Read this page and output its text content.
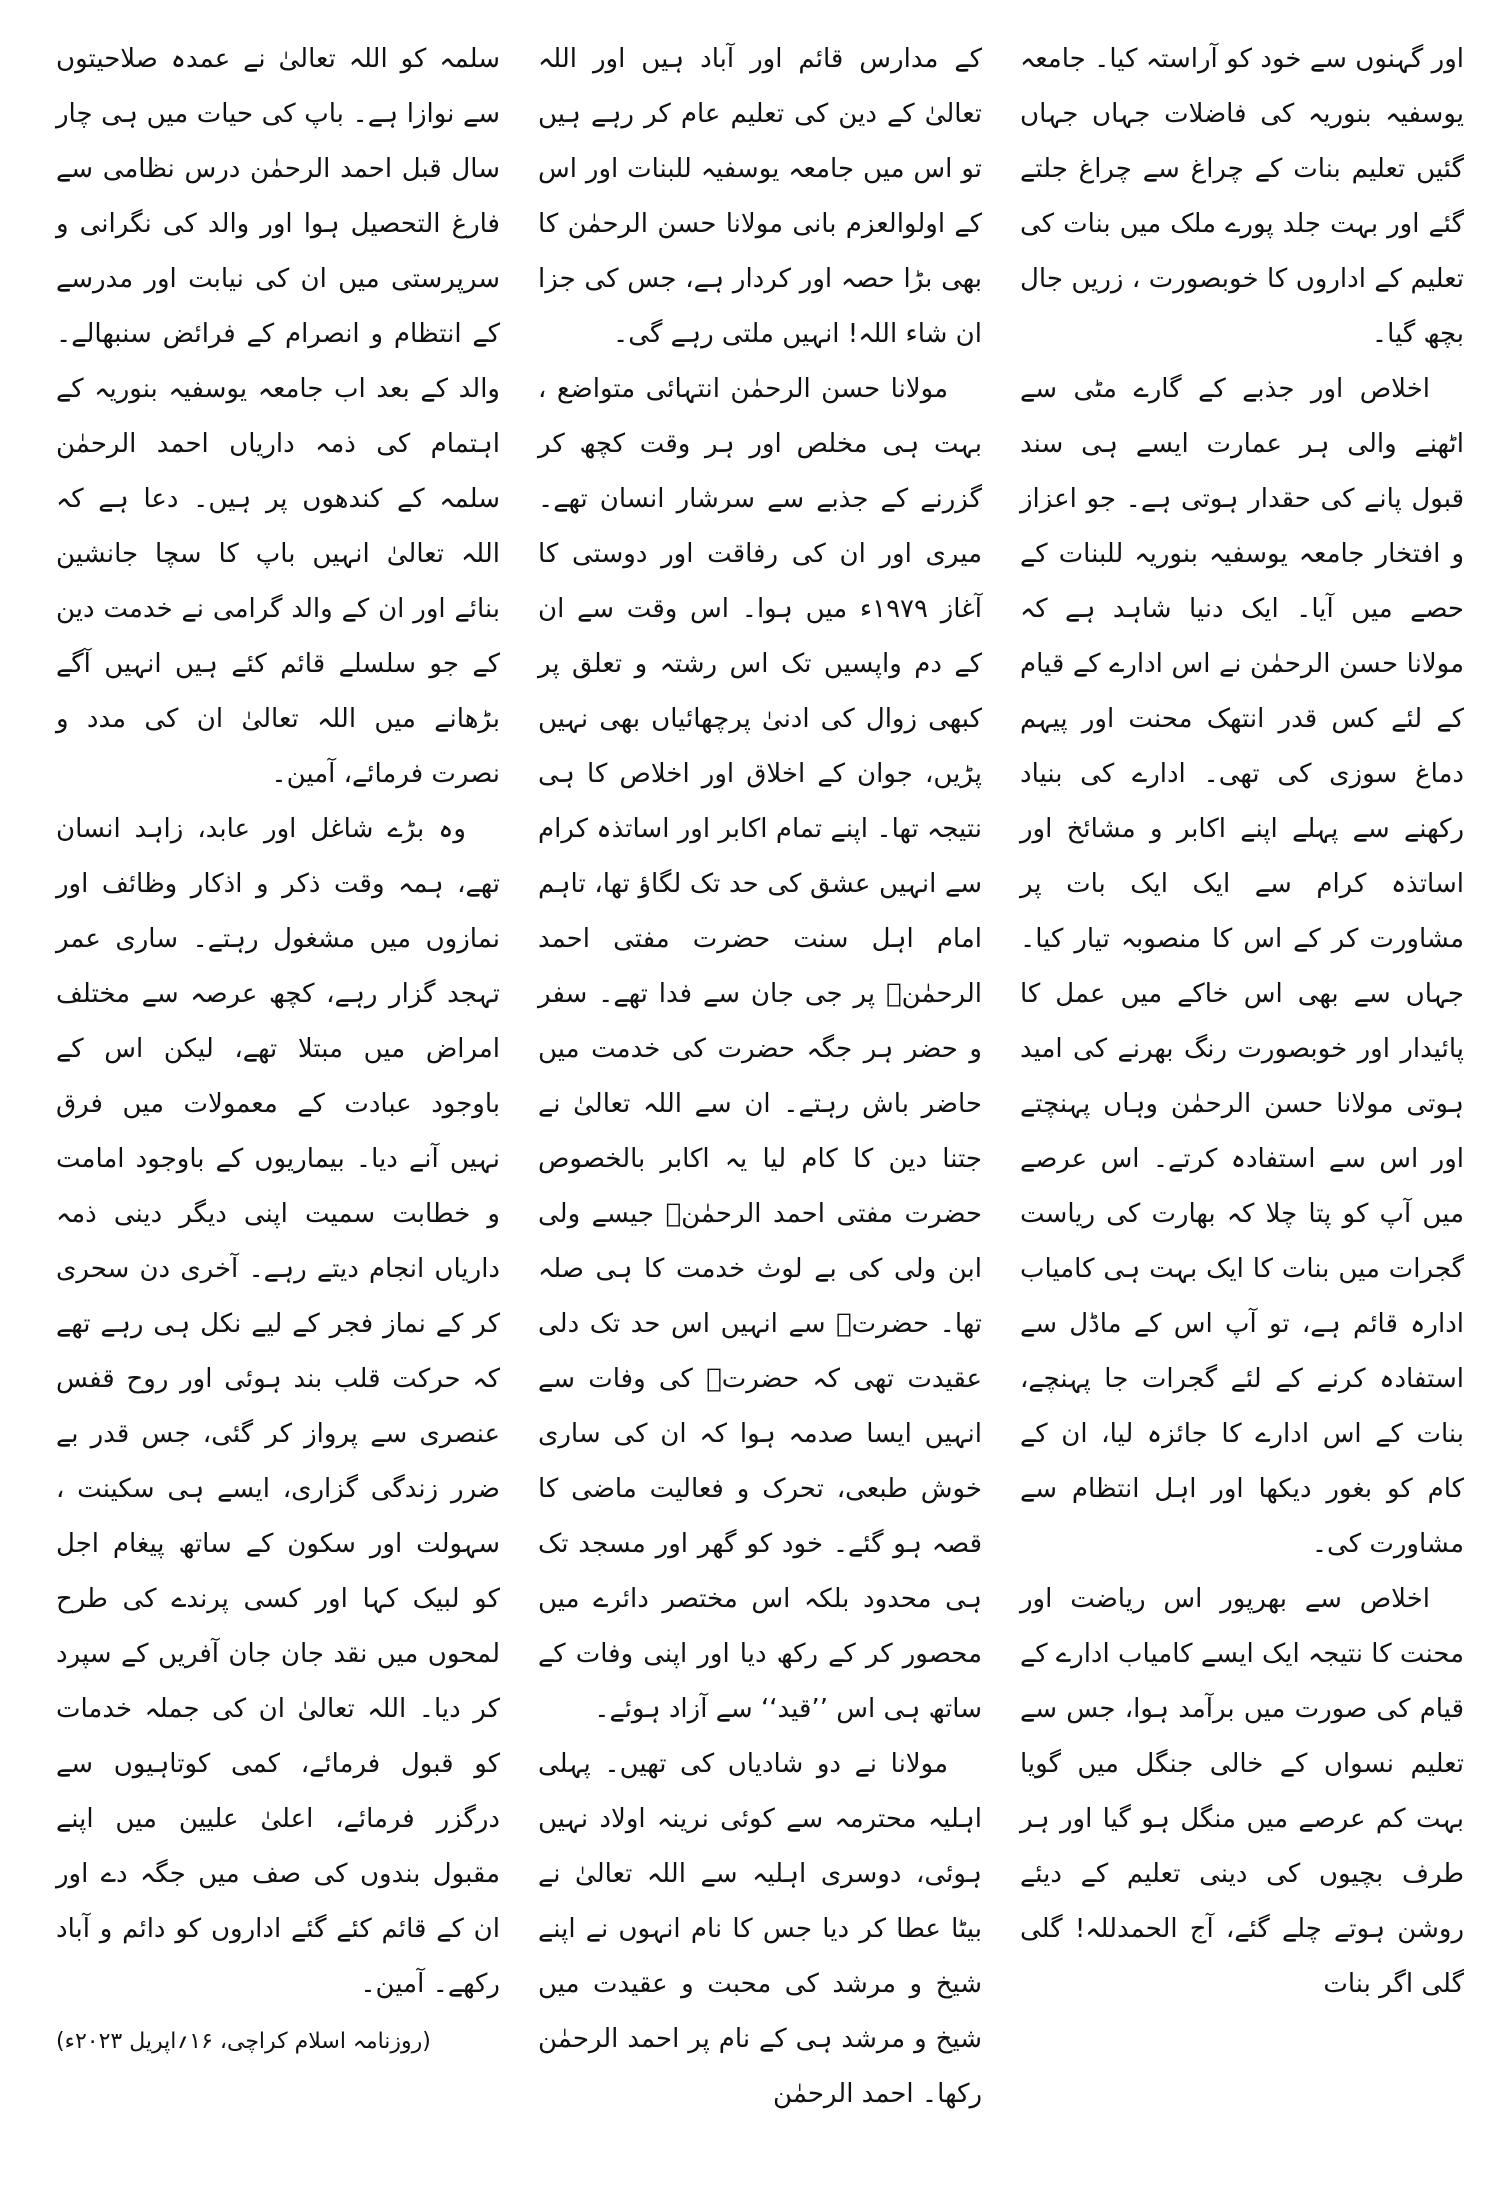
اور گہنوں سے خود کو آراستہ کیا۔ جامعہ یوسفیہ بنوریہ کی فاضلات جہاں جہاں گئیں تعلیم بنات کے چراغ سے چراغ جلتے گئے اور بہت جلد پورے ملک میں بنات کی تعلیم کے اداروں کا خوبصورت ، زریں جال بچھ گیا۔

اخلاص اور جذبے کے گارے مٹی سے اٹھنے والی ہر عمارت ایسے ہی سند قبول پانے کی حقدار ہوتی ہے۔ جو اعزاز و افتخار جامعہ یوسفیہ بنوریہ للبنات کے حصے میں آیا۔ ایک دنیا شاہد ہے کہ مولانا حسن الرحمٰن نے اس ادارے کے قیام کے لئے کس قدر انتھک محنت اور پیہم دماغ سوزی کی تھی۔ ادارے کی بنیاد رکھنے سے پہلے اپنے اکابر و مشائخ اور اساتذہ کرام سے ایک ایک بات پر مشاورت کر کے اس کا منصوبہ تیار کیا۔ جہاں سے بھی اس خاکے میں عمل کا پائیدار اور خوبصورت رنگ بھرنے کی امید ہوتی مولانا حسن الرحمٰن وہاں پہنچتے اور اس سے استفادہ کرتے۔ اس عرصے میں آپ کو پتا چلا کہ بھارت کی ریاست گجرات میں بنات کا ایک بہت ہی کامیاب ادارہ قائم ہے، تو آپ اس کے ماڈل سے استفادہ کرنے کے لئے گجرات جا پہنچے، بنات کے اس ادارے کا جائزہ لیا، ان کے کام کو بغور دیکھا اور اہل انتظام سے مشاورت کی۔

اخلاص سے بھرپور اس ریاضت اور محنت کا نتیجہ ایک ایسے کامیاب ادارے کے قیام کی صورت میں برآمد ہوا، جس سے تعلیم نسواں کے خالی جنگل میں گویا بہت کم عرصے میں منگل ہو گیا اور ہر طرف بچیوں کی دینی تعلیم کے دیئے روشن ہوتے چلے گئے، آج الحمدللہ! گلی گلی اگر بنات

کے مدارس قائم اور آباد ہیں اور اللہ تعالیٰ کے دین کی تعلیم عام کر رہے ہیں تو اس میں جامعہ یوسفیہ للبنات اور اس کے اولوالعزم بانی مولانا حسن الرحمٰن کا بھی بڑا حصہ اور کردار ہے، جس کی جزا ان شاء اللہ! انہیں ملتی رہے گی۔

مولانا حسن الرحمٰن انتہائی متواضع ، بہت ہی مخلص اور ہر وقت کچھ کر گزرنے کے جذبے سے سرشار انسان تھے۔ میری اور ان کی رفاقت اور دوستی کا آغاز ۱۹۷۹ء میں ہوا۔ اس وقت سے ان کے دم واپسیں تک اس رشتہ و تعلق پر کبھی زوال کی ادنیٰ پرچھائیاں بھی نہیں پڑیں، جوان کے اخلاق اور اخلاص کا ہی نتیجہ تھا۔ اپنے تمام اکابر اور اساتذہ کرام سے انہیں عشق کی حد تک لگاؤ تھا، تاہم امام اہل سنت حضرت مفتی احمد الرحمٰنؒ پر جی جان سے فدا تھے۔ سفر و حضر ہر جگہ حضرت کی خدمت میں حاضر باش رہتے۔ ان سے اللہ تعالیٰ نے جتنا دین کا کام لیا یہ اکابر بالخصوص حضرت مفتی احمد الرحمٰنؒ جیسے ولی ابن ولی کی بے لوث خدمت کا ہی صلہ تھا۔ حضرتؒ سے انہیں اس حد تک دلی عقیدت تھی کہ حضرتؒ کی وفات سے انہیں ایسا صدمہ ہوا کہ ان کی ساری خوش طبعی، تحرک و فعالیت ماضی کا قصہ ہو گئے۔ خود کو گھر اور مسجد تک ہی محدود بلکہ اس مختصر دائرے میں محصور کر کے رکھ دیا اور اپنی وفات کے ساتھ ہی اس ’’قید‘‘ سے آزاد ہوئے۔

مولانا نے دو شادیاں کی تھیں۔ پہلی اہلیہ محترمہ سے کوئی نرینہ اولاد نہیں ہوئی، دوسری اہلیہ سے اللہ تعالیٰ نے بیٹا عطا کر دیا جس کا نام انہوں نے اپنے شیخ و مرشد کی محبت و عقیدت میں شیخ و مرشد ہی کے نام پر احمد الرحمٰن رکھا۔ احمد الرحمٰن

سلمہ کو اللہ تعالیٰ نے عمدہ صلاحیتوں سے نوازا ہے۔ باپ کی حیات میں ہی چار سال قبل احمد الرحمٰن درس نظامی سے فارغ التحصیل ہوا اور والد کی نگرانی و سرپرستی میں ان کی نیابت اور مدرسے کے انتظام و انصرام کے فرائض سنبھالے۔ والد کے بعد اب جامعہ یوسفیہ بنوریہ کے اہتمام کی ذمہ داریاں احمد الرحمٰن سلمہ کے کندھوں پر ہیں۔ دعا ہے کہ اللہ تعالیٰ انہیں باپ کا سچا جانشین بنائے اور ان کے والد گرامی نے خدمت دین کے جو سلسلے قائم کئے ہیں انہیں آگے بڑھانے میں اللہ تعالیٰ ان کی مدد و نصرت فرمائے، آمین۔

وہ بڑے شاغل اور عابد، زاہد انسان تھے، ہمہ وقت ذکر و اذکار وظائف اور نمازوں میں مشغول رہتے۔ ساری عمر تہجد گزار رہے، کچھ عرصہ سے مختلف امراض میں مبتلا تھے، لیکن اس کے باوجود عبادت کے معمولات میں فرق نہیں آنے دیا۔ بیماریوں کے باوجود امامت و خطابت سمیت اپنی دیگر دینی ذمہ داریاں انجام دیتے رہے۔ آخری دن سحری کر کے نماز فجر کے لیے نکل ہی رہے تھے کہ حرکت قلب بند ہوئی اور روح قفس عنصری سے پرواز کر گئی، جس قدر بے ضرر زندگی گزاری، ایسے ہی سکینت ، سہولت اور سکون کے ساتھ پیغام اجل کو لبیک کہا اور کسی پرندے کی طرح لمحوں میں نقد جان جان آفریں کے سپرد کر دیا۔ اللہ تعالیٰ ان کی جملہ خدمات کو قبول فرمائے، کمی کوتاہیوں سے درگزر فرمائے، اعلیٰ علیین میں اپنے مقبول بندوں کی صف میں جگہ دے اور ان کے قائم کئے گئے اداروں کو دائم و آباد رکھے۔ آمین۔

(روزنامہ اسلام کراچی، ۱۶؍اپریل ۲۰۲۳ء)
